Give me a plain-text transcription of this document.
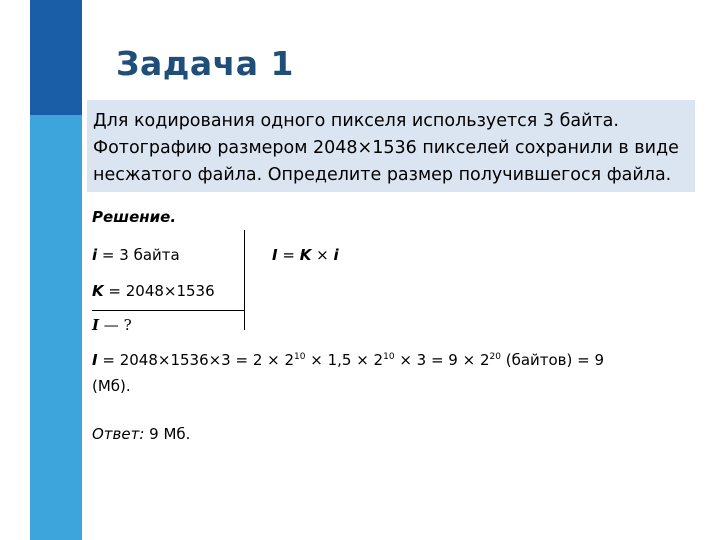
Задача 1
Для кодирования одного пикселя используется 3 байта. Фотографию размером 2048×1536 пикселей сохранили в виде несжатого файла. Определите размер получившегося файла.
Решение.
i = 3 байта	I = K × i
K = 2048×1536
I — ?
$I = 2048\times 1536\times 3 = 2 \times 2^{10} \times 1,5 \times 2^{10} \times 3 = 9 \times 2^{20}$ (байтов) = 9
(Мб).
Ответ: 9 Мб.
